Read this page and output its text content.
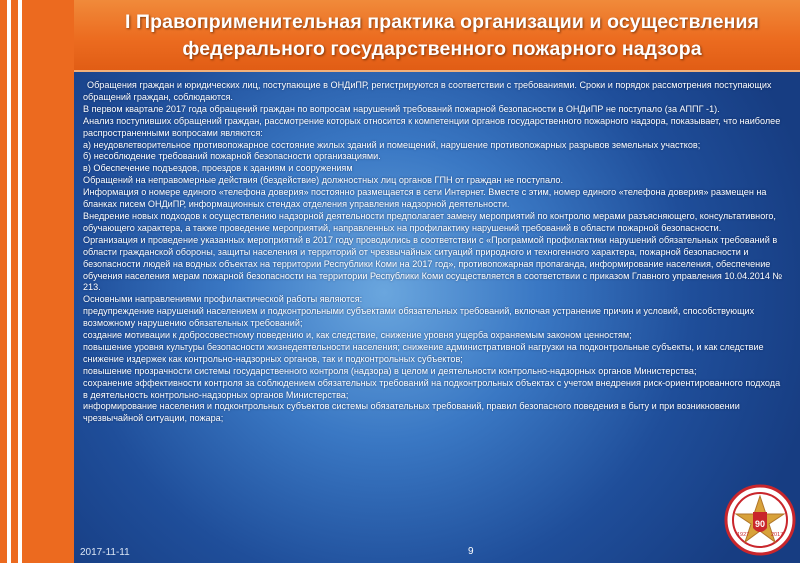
I Правоприменительная практика организации и осуществления федерального государственного пожарного надзора

Обращения граждан и юридических лиц, поступающие в ОНДиПР, регистрируются в соответствии с требованиями. Сроки и порядок рассмотрения поступающих обращений граждан, соблюдаются.

В первом квартале 2017 года обращений граждан по вопросам нарушений требований пожарной безопасности в ОНДиПР не поступало (за АППГ -1).

Анализ поступивших обращений граждан, рассмотрение которых относится к компетенции органов государственного пожарного надзора, показывает, что наиболее распространенными вопросами являются:

а) неудовлетворительное противопожарное состояние жилых зданий и помещений, нарушение противопожарных разрывов земельных участков;

б) несоблюдение требований пожарной безопасности организациями.

в) Обеспечение подъездов, проездов к зданиям и сооружениям

Обращений на неправомерные действия (бездействие) должностных лиц органов ГПН от граждан не поступало.

Информация о номере единого «телефона доверия» постоянно размещается в сети Интернет. Вместе с этим, номер единого «телефона доверия» размещен на бланках писем ОНДиПР, информационных стендах отделения управления надзорной деятельности.

Внедрение новых подходов к осуществлению надзорной деятельности предполагает замену мероприятий по контролю мерами разъясняющего, консультативного, обучающего характера, а также проведение мероприятий, направленных на профилактику нарушений требований в области пожарной безопасности.

Организация и проведение указанных мероприятий в 2017 году проводились в соответствии с «Программой профилактики нарушений обязательных требований в области гражданской обороны, защиты населения и территорий от чрезвычайных ситуаций природного и техногенного характера, пожарной безопасности и безопасности людей на водных объектах на территории Республики Коми на 2017 год», противопожарная пропаганда, информирование населения, обеспечение обучения населения мерам пожарной безопасности на территории Республики Коми осуществляется в соответствии с приказом Главного управления 10.04.2014 № 213.

Основными направлениями профилактической работы являются:

предупреждение нарушений населением и подконтрольными субъектами обязательных требований, включая устранение причин и условий, способствующих возможному нарушению обязательных требований;

создание мотивации к добросовестному поведению и, как следствие, снижение уровня ущерба охраняемым законом ценностям;

повышение уровня культуры безопасности жизнедеятельности населения; снижение административной нагрузки на подконтрольные субъекты, и как следствие снижение издержек как контрольно-надзорных органов, так и подконтрольных субъектов;

повышение прозрачности системы государственного контроля (надзора) в целом и деятельности контрольно-надзорных органов Министерства;

сохранение эффективности контроля за соблюдением обязательных требований на подконтрольных объектах с учетом внедрения риск-ориентированного подхода в деятельность контрольно-надзорных органов Министерства;

информирование населения и подконтрольных субъектов системы обязательных требований, правил безопасного поведения в быту и при возникновении чрезвычайной ситуации, пожара;

2017-11-11	9
90
1927	2017
